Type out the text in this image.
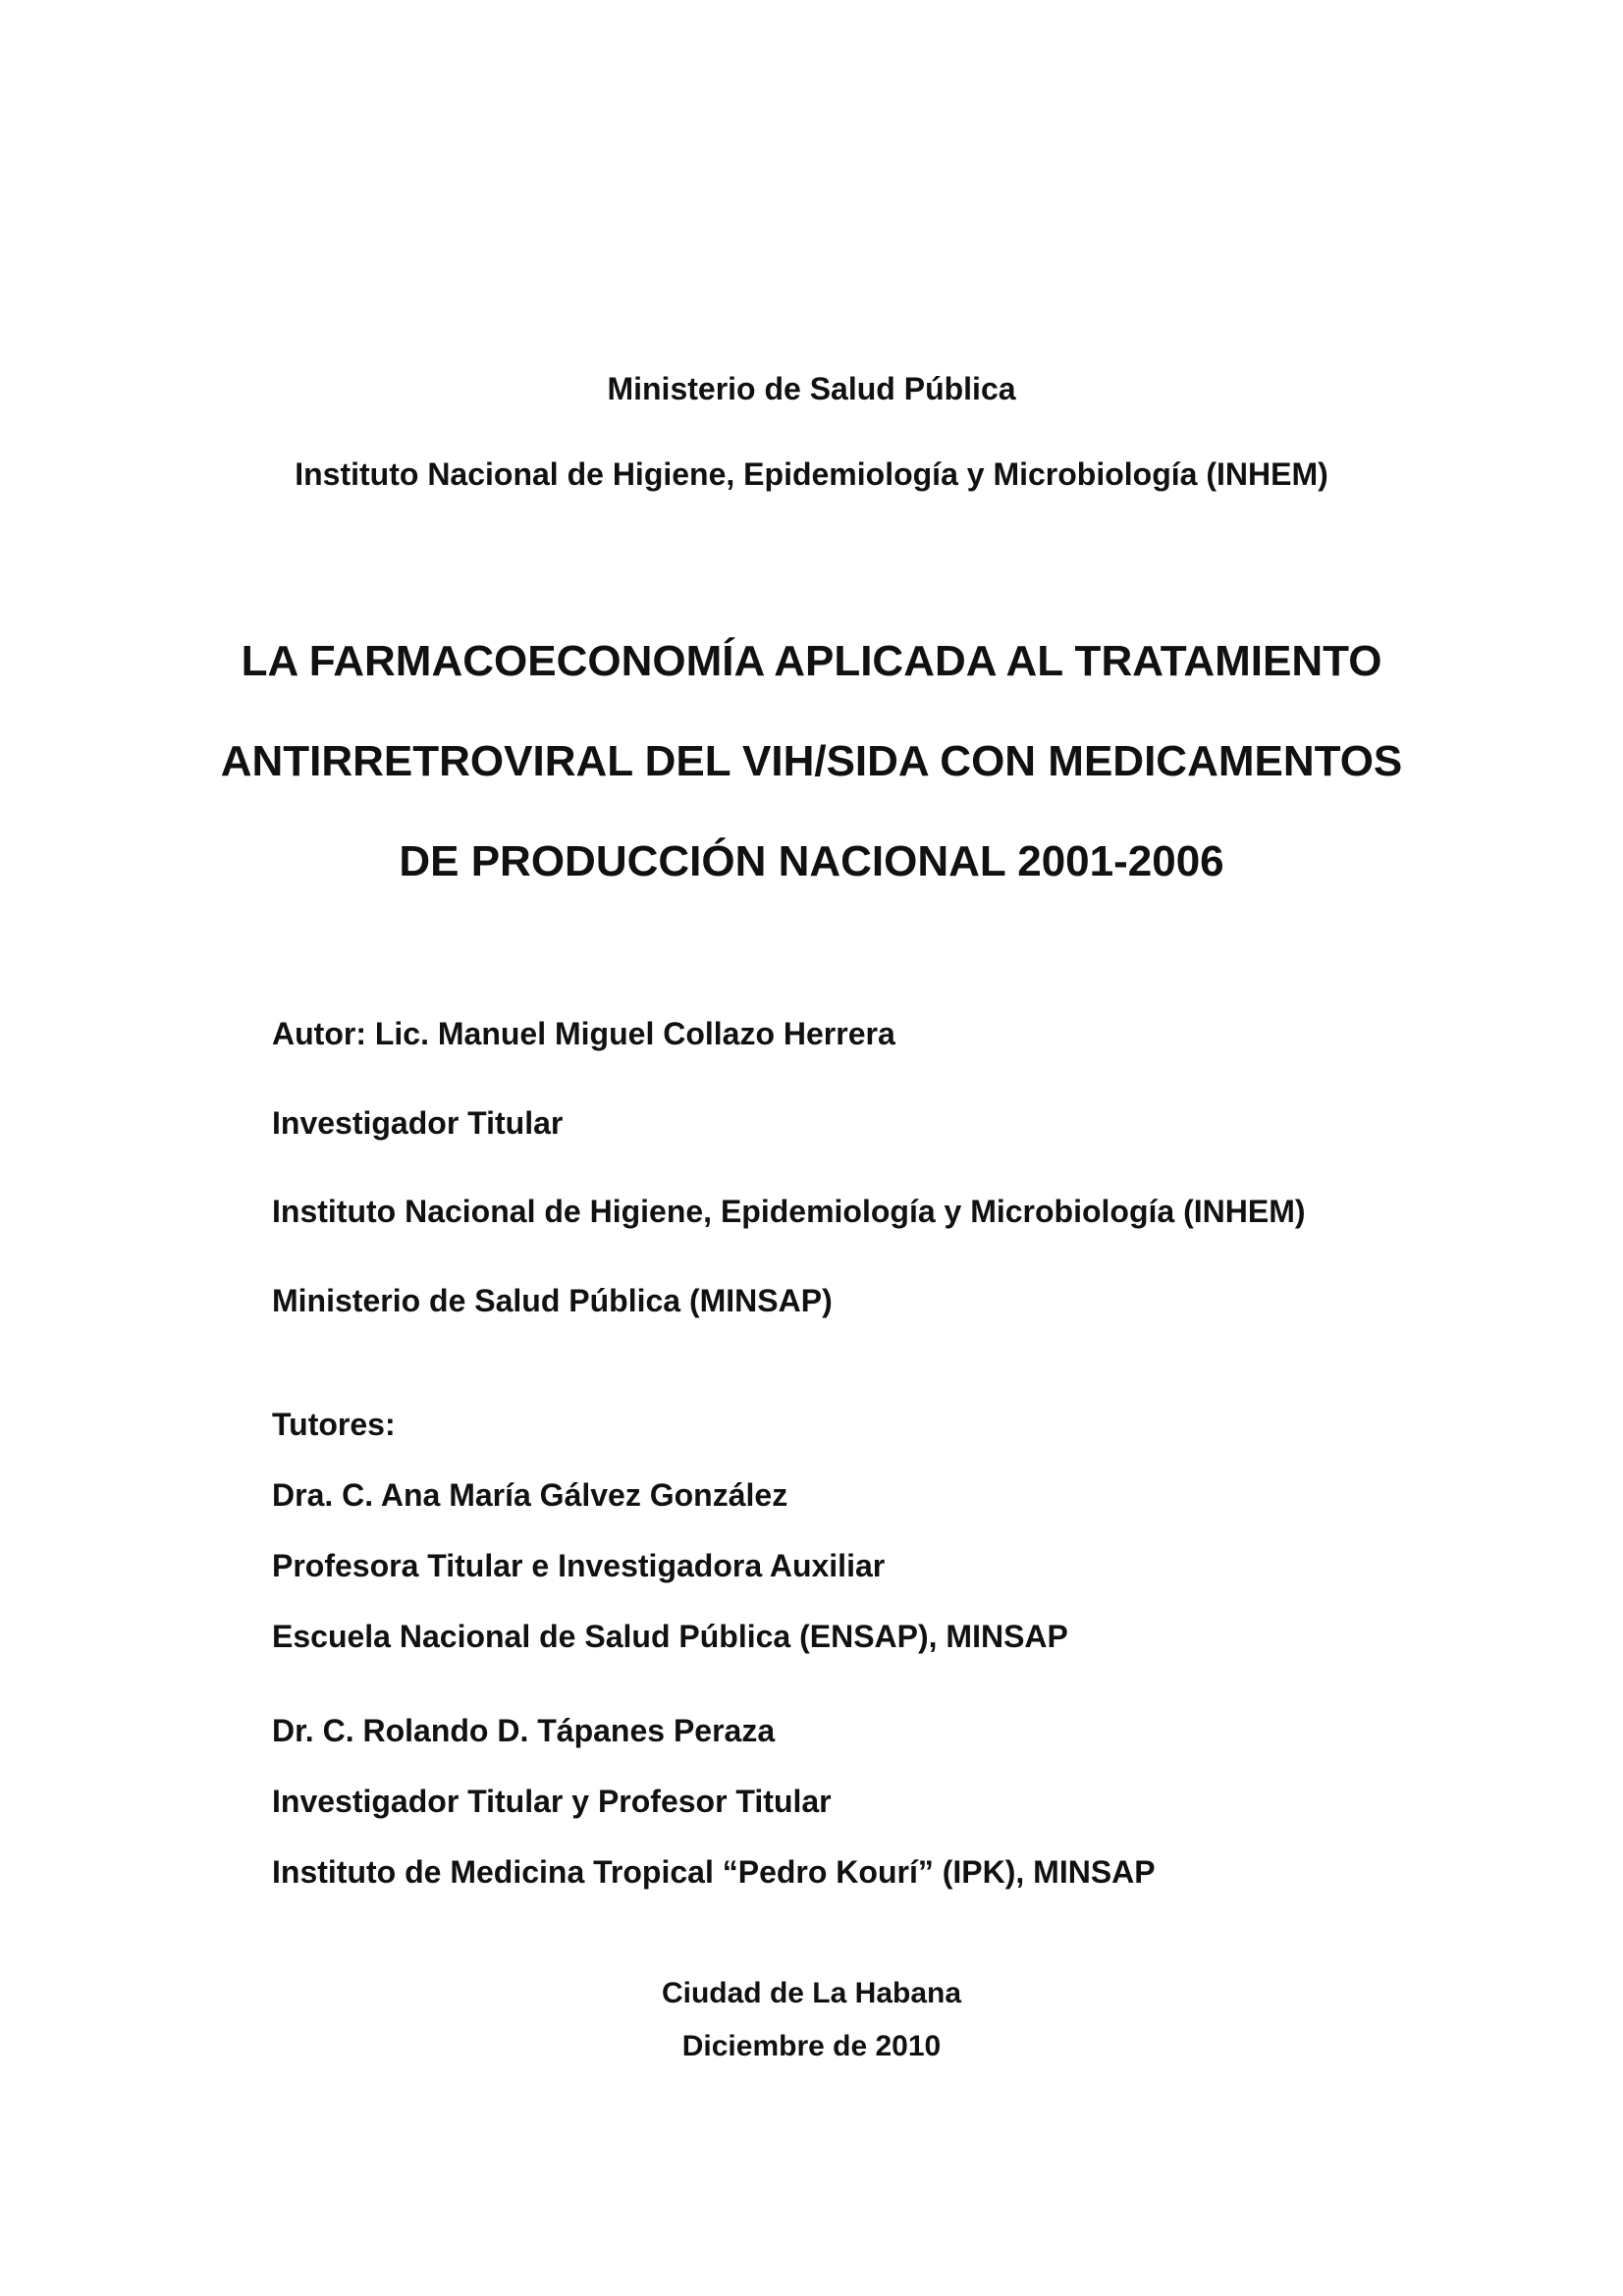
Ministerio de Salud Pública

Instituto Nacional de Higiene, Epidemiología y Microbiología (INHEM)

LA FARMACOECONOMÍA APLICADA AL TRATAMIENTO

ANTIRRETROVIRAL DEL VIH/SIDA CON MEDICAMENTOS

DE PRODUCCIÓN NACIONAL 2001-2006

Autor: Lic. Manuel Miguel Collazo Herrera

Investigador Titular

Instituto Nacional de Higiene, Epidemiología y Microbiología (INHEM)

Ministerio de Salud Pública (MINSAP)

Tutores:

Dra. C. Ana María Gálvez González

Profesora Titular e Investigadora Auxiliar

Escuela Nacional de Salud Pública (ENSAP), MINSAP

Dr. C. Rolando D. Tápanes Peraza

Investigador Titular y Profesor Titular

Instituto de Medicina Tropical “Pedro Kourí” (IPK), MINSAP

Ciudad de La Habana

Diciembre de 2010
